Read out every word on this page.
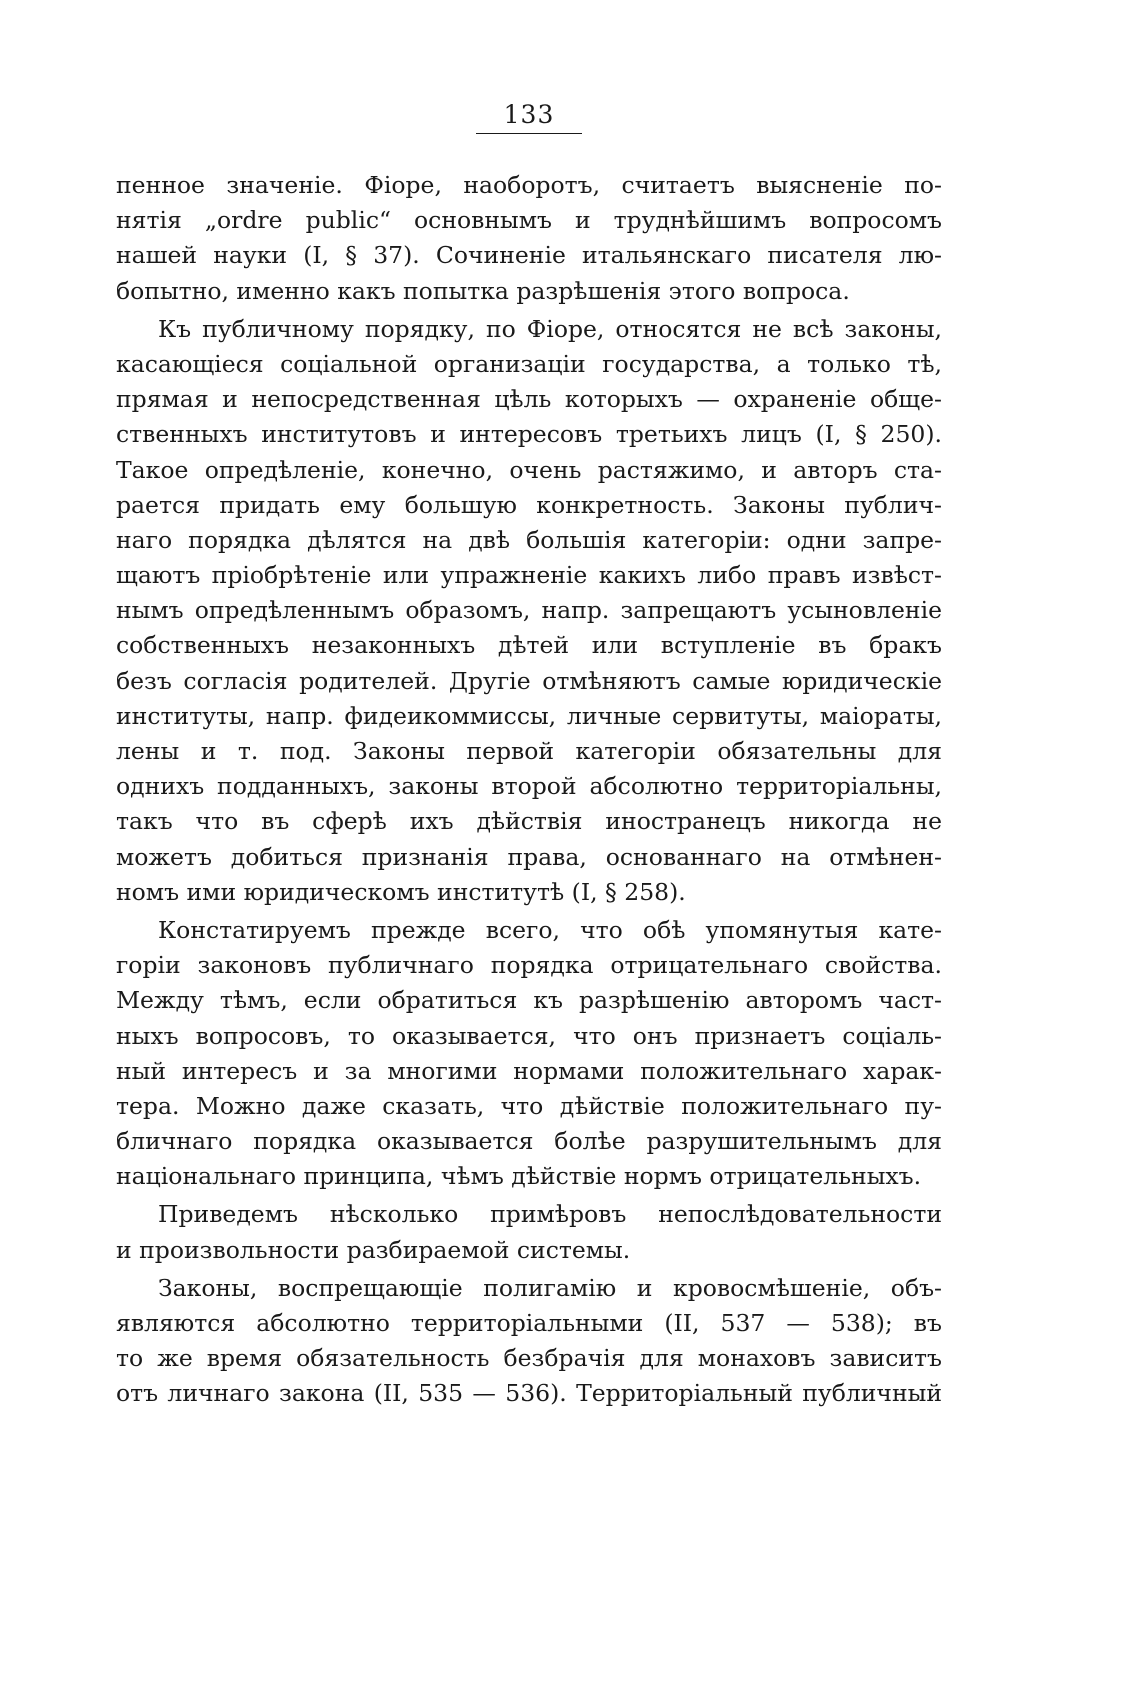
133
пенное значеніе. Фіоре, наоборотъ, считаетъ выясненіе по-
нятія „ordre public“ основнымъ и труднѣйшимъ вопросомъ
нашей науки (I, § 37). Сочиненіе итальянскаго писателя лю-
бопытно, именно какъ попытка разрѣшенія этого вопроса.
Къ публичному порядку, по Фіоре, относятся не всѣ законы,
касающіеся соціальной организаціи государства, а только тѣ,
прямая и непосредственная цѣль которыхъ — охраненіе обще-
ственныхъ институтовъ и интересовъ третьихъ лицъ (I, § 250).
Такое опредѣленіе, конечно, очень растяжимо, и авторъ ста-
рается придать ему большую конкретность. Законы публич-
наго порядка дѣлятся на двѣ большія категоріи: одни запре-
щаютъ пріобрѣтеніе или упражненіе какихъ либо правъ извѣст-
нымъ опредѣленнымъ образомъ, напр. запрещаютъ усыновленіе
собственныхъ незаконныхъ дѣтей или вступленіе въ бракъ
безъ согласія родителей. Другіе отмѣняютъ самые юридическіе
институты, напр. фидеикоммиссы, личные сервитуты, маіораты,
лены и т. под. Законы первой категоріи обязательны для
однихъ подданныхъ, законы второй абсолютно территоріальны,
такъ что въ сферѣ ихъ дѣйствія иностранецъ никогда не
можетъ добиться признанія права, основаннаго на отмѣнен-
номъ ими юридическомъ институтѣ (I, § 258).
Констатируемъ прежде всего, что обѣ упомянутыя кате-
горіи законовъ публичнаго порядка отрицательнаго свойства.
Между тѣмъ, если обратиться къ разрѣшенію авторомъ част-
ныхъ вопросовъ, то оказывается, что онъ признаетъ соціаль-
ный интересъ и за многими нормами положительнаго харак-
тера. Можно даже сказать, что дѣйствіе положительнаго пу-
бличнаго порядка оказывается болѣе разрушительнымъ для
національнаго принципа, чѣмъ дѣйствіе нормъ отрицательныхъ.
Приведемъ нѣсколько примѣровъ непослѣдовательности
и произвольности разбираемой системы.
Законы, воспрещающіе полигамію и кровосмѣшеніе, объ-
являются абсолютно территоріальными (II, 537 — 538); въ
то же время обязательность безбрачія для монаховъ зависитъ
отъ личнаго закона (II, 535 — 536). Территоріальный публичный
